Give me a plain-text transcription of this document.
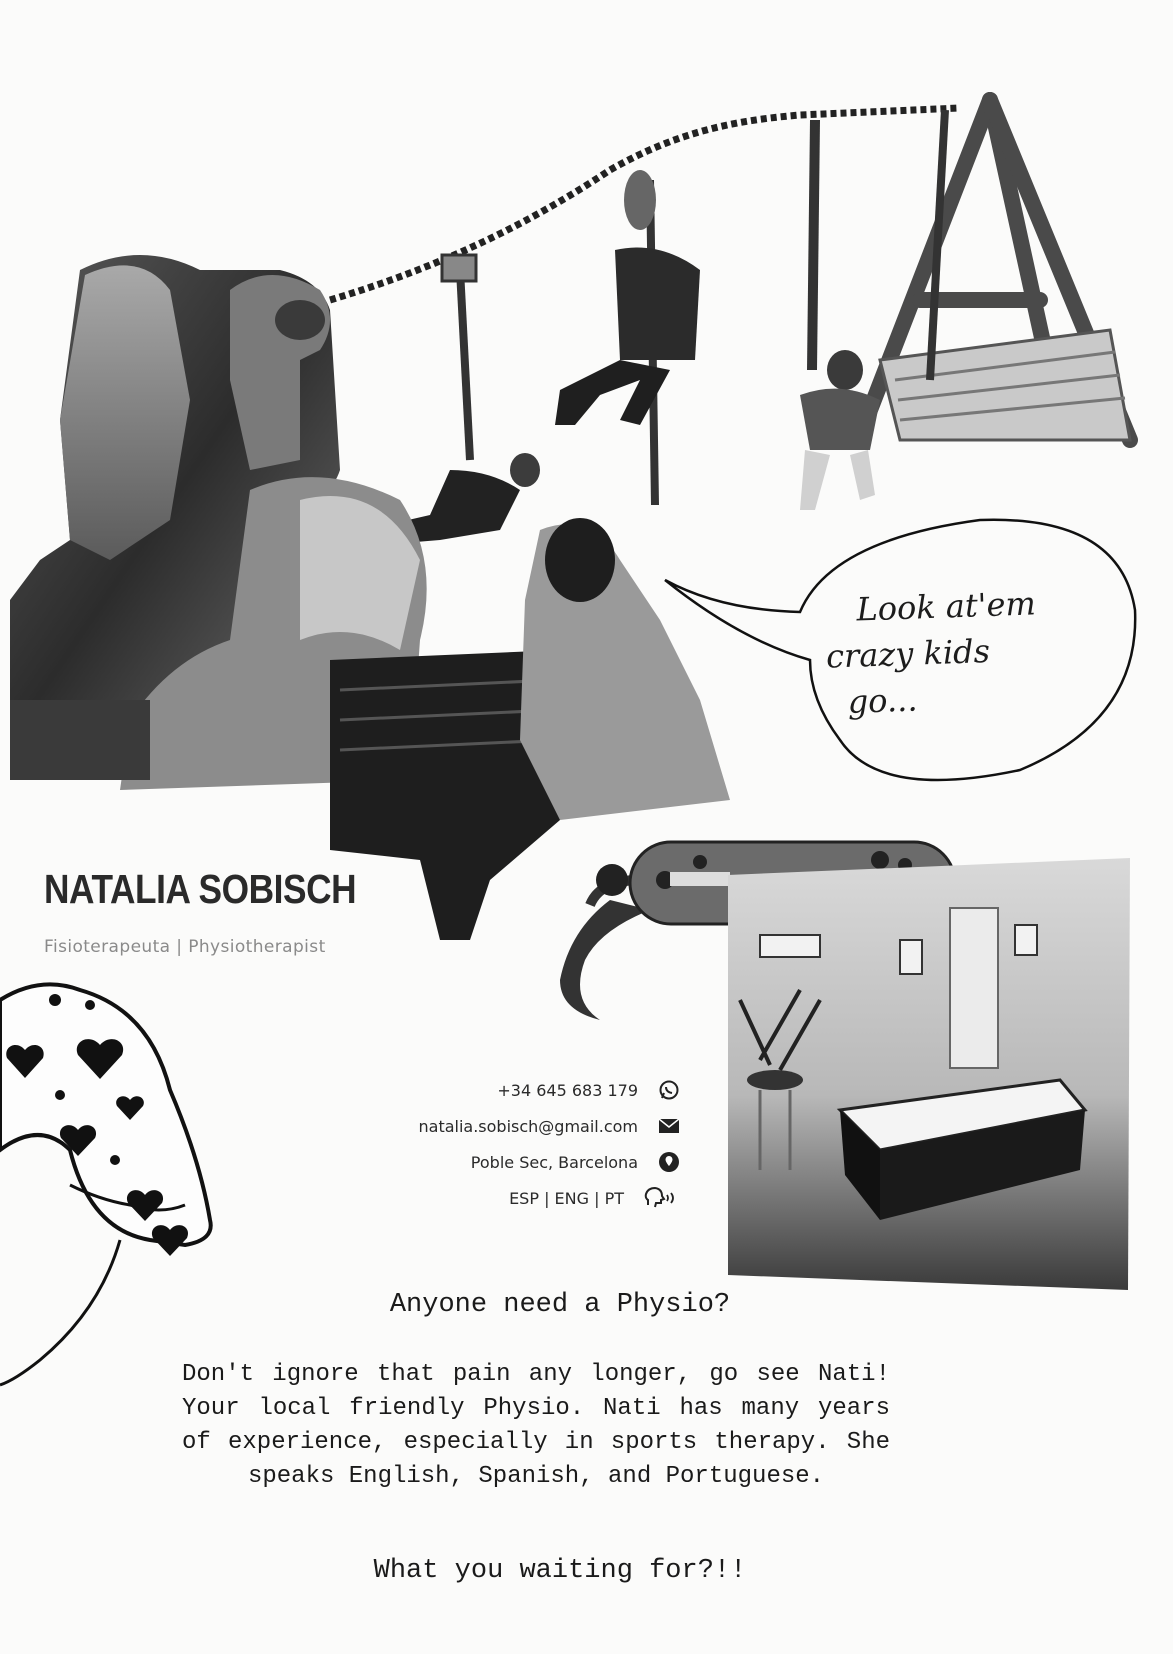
Look at'em
crazy kids
go...
NATALIA SOBISCH
Fisioterapeuta | Physiotherapist
+34 645 683 179
natalia.sobisch@gmail.com
Poble Sec, Barcelona
ESP | ENG | PT
Anyone need a Physio?
Don't ignore that pain any longer, go see Nati! Your local friendly Physio. Nati has many years of experience, especially in sports therapy. She speaks English, Spanish, and Portuguese.
What you waiting for?!!
